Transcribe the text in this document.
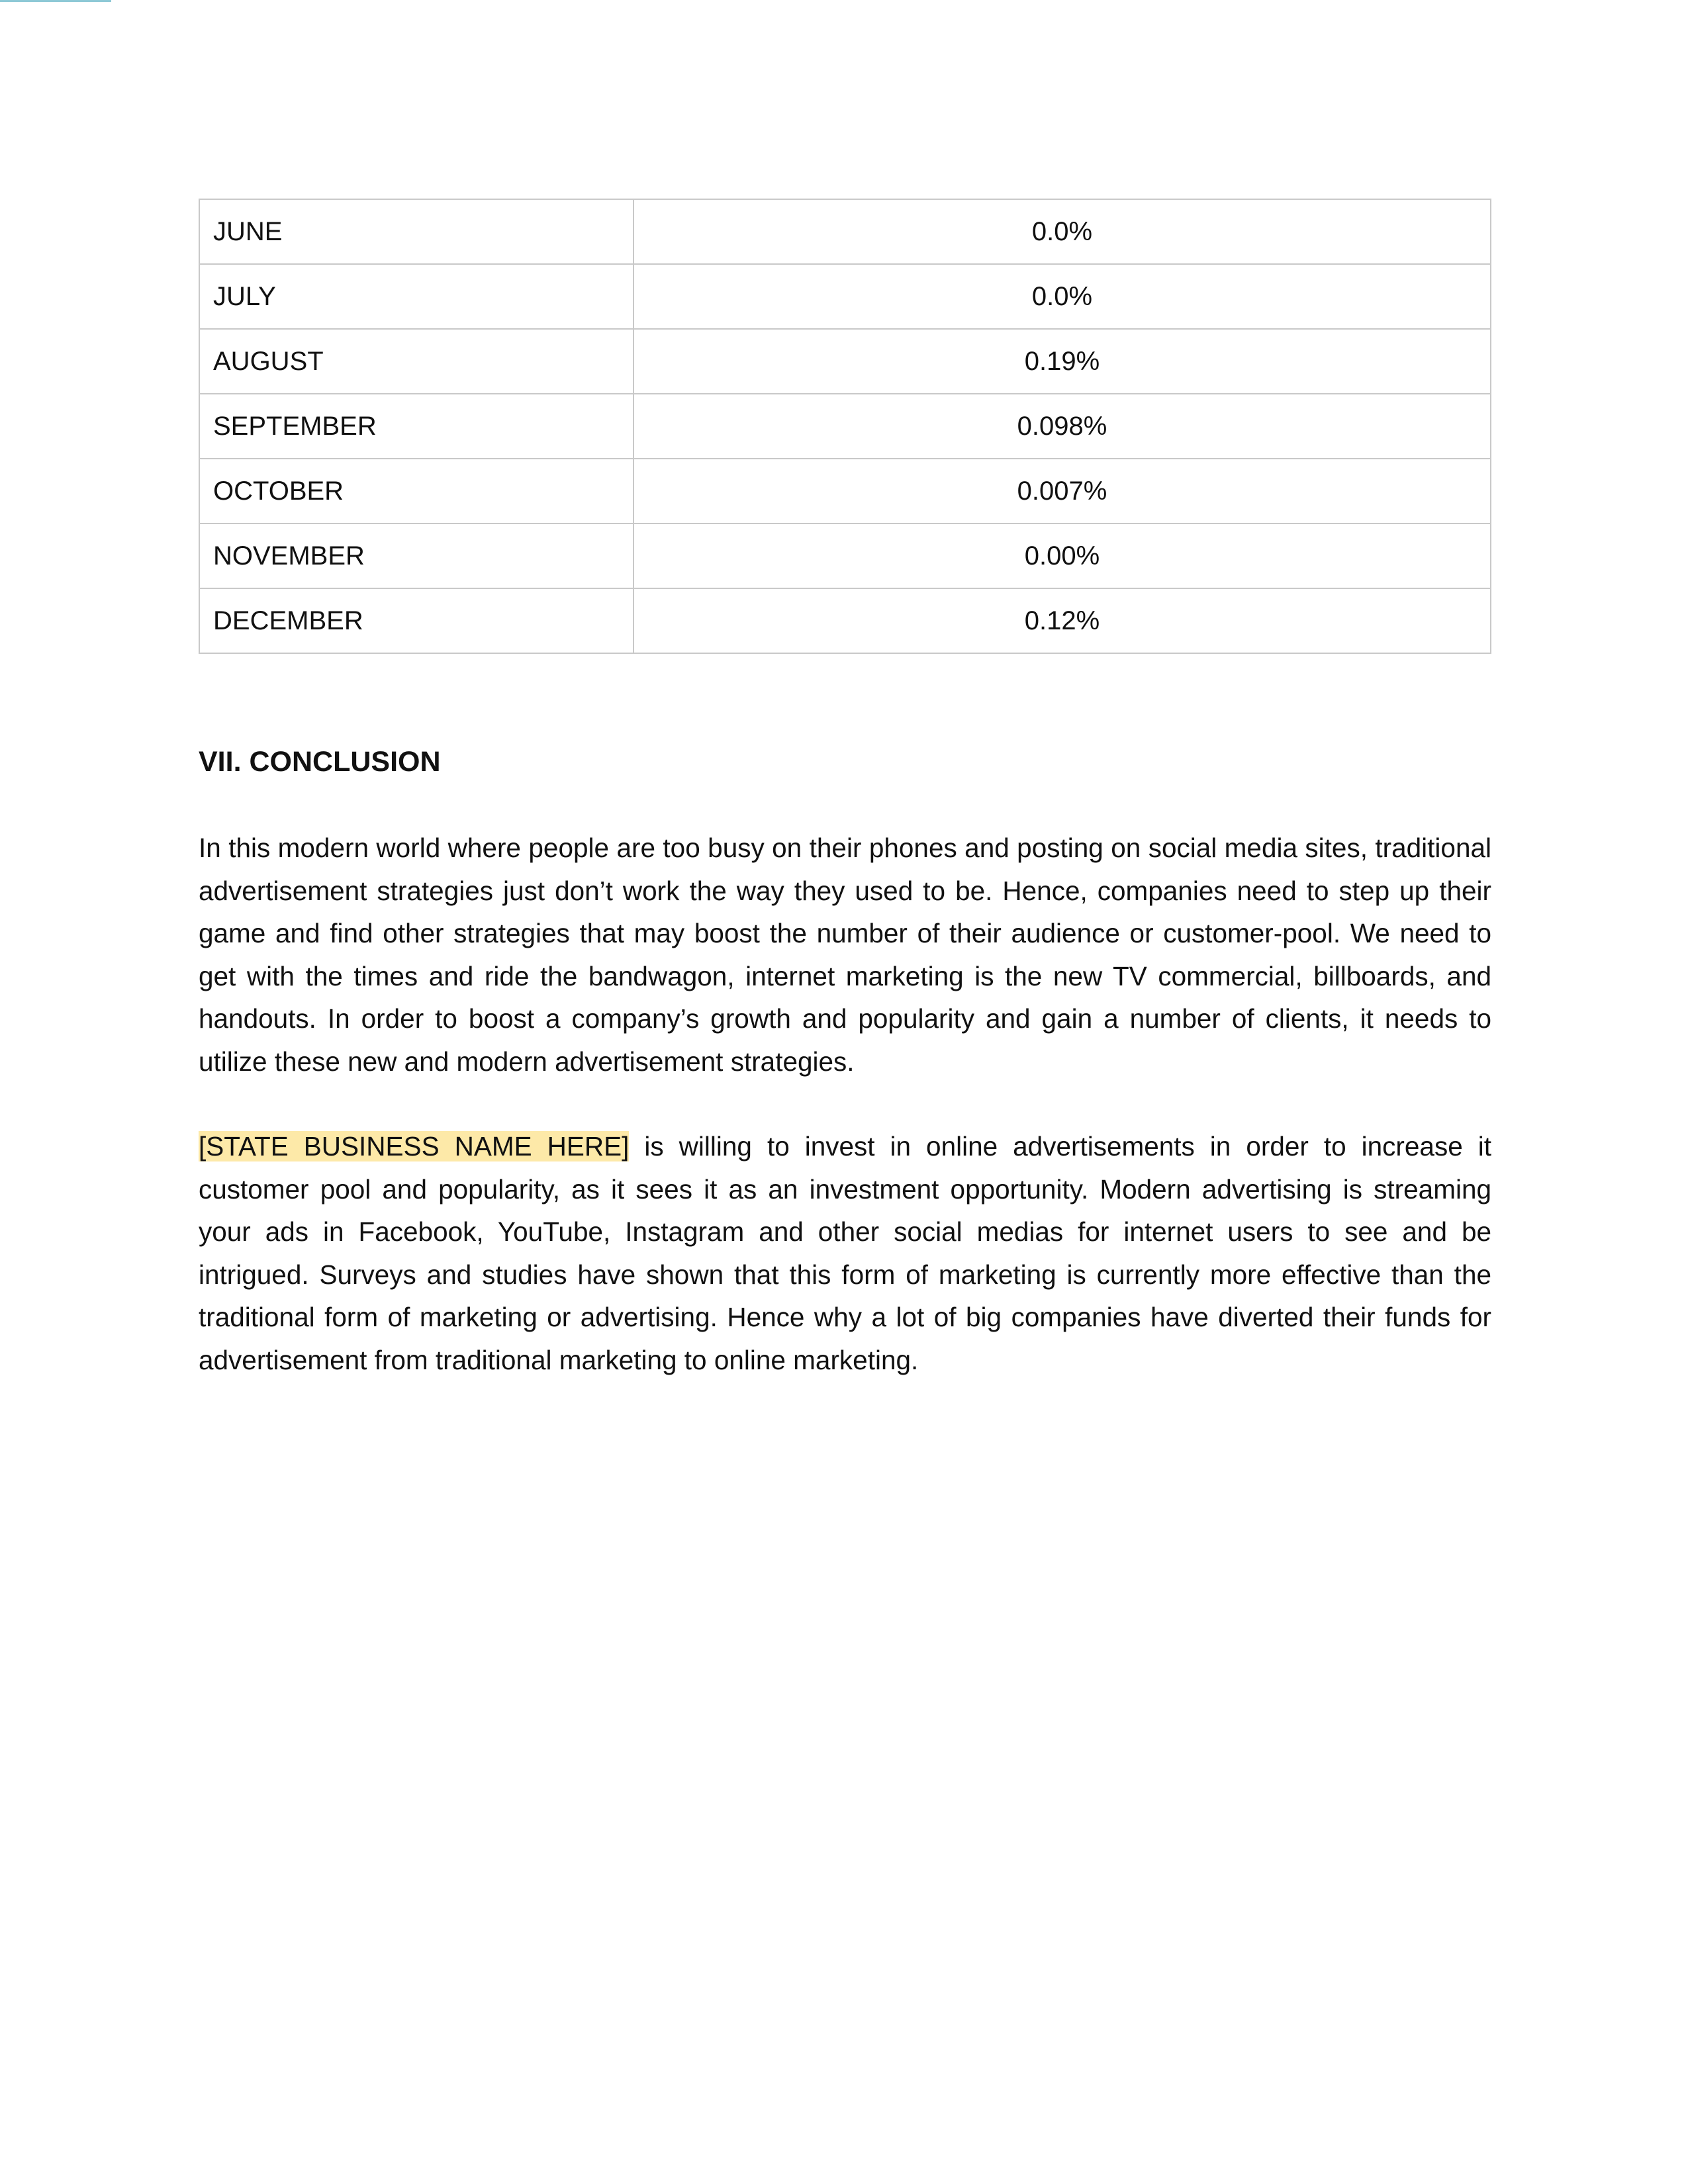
JUNE	0.0%
JULY	0.0%
AUGUST	0.19%
SEPTEMBER	0.098%
OCTOBER	0.007%
NOVEMBER	0.00%
DECEMBER	0.12%
VII. CONCLUSION

In this modern world where people are too busy on their phones and posting on social media sites, traditional advertisement strategies just don’t work the way they used to be. Hence, companies need to step up their game and find other strategies that may boost the number of their audience or customer-pool. We need to get with the times and ride the bandwagon, internet marketing is the new TV commercial, billboards, and handouts. In order to boost a company’s growth and popularity and gain a number of clients, it needs to utilize these new and modern advertisement strategies.

[STATE BUSINESS NAME HERE] is willing to invest in online advertisements in order to increase it customer pool and popularity, as it sees it as an investment opportunity. Modern advertising is streaming your ads in Facebook, YouTube, Instagram and other social medias for internet users to see and be intrigued. Surveys and studies have shown that this form of marketing is currently more effective than the traditional form of marketing or advertising. Hence why a lot of big companies have diverted their funds for advertisement from traditional marketing to online marketing.
